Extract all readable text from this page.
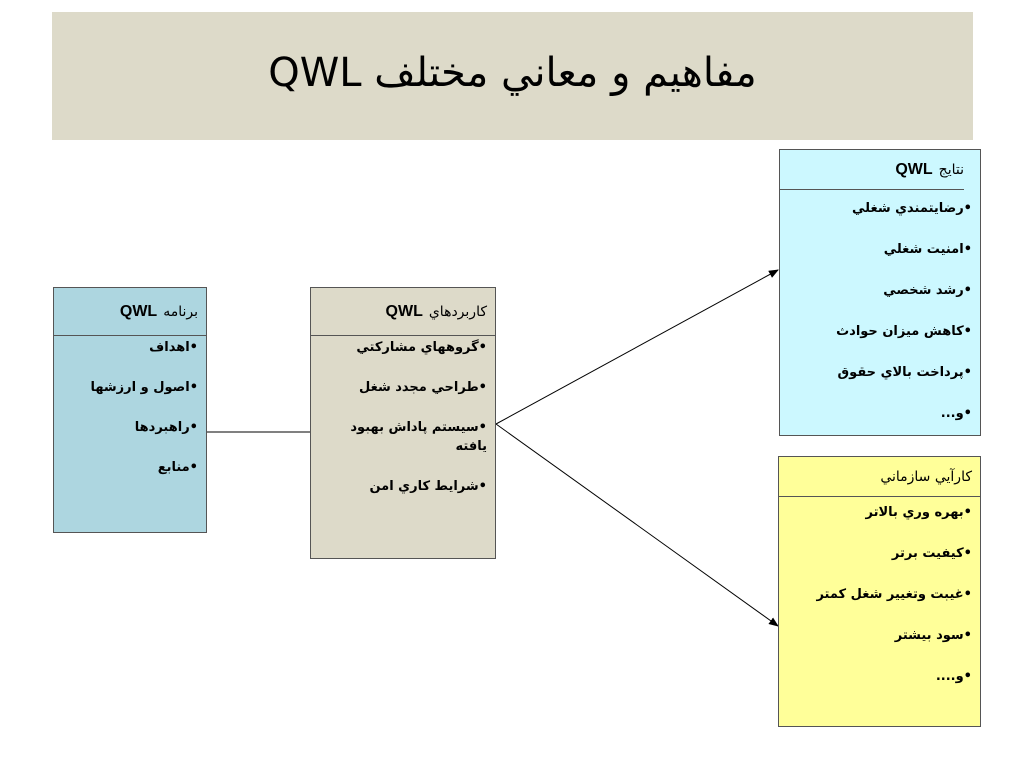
مفاهيم و معاني مختلف QWL
برنامه
QWL
•اهداف
•اصول و ارزشها
•راهبردها
•منابع
كاربردهاي
QWL
•گروههاي مشاركتي
•طراحي مجدد شغل
•سيستم پاداش بهبود يافته
•شرايط كاري امن
نتايج
QWL
•رضايتمندي شغلي
•امنيت شغلي
•رشد شخصي
•كاهش ميزان حوادث
•پرداخت بالاي حقوق
•و...
كارآيي سازماني
•بهره وري بالاتر
•كيفيت برتر
•غيبت وتغيير شغل كمتر
•سود بيشتر
•و....
